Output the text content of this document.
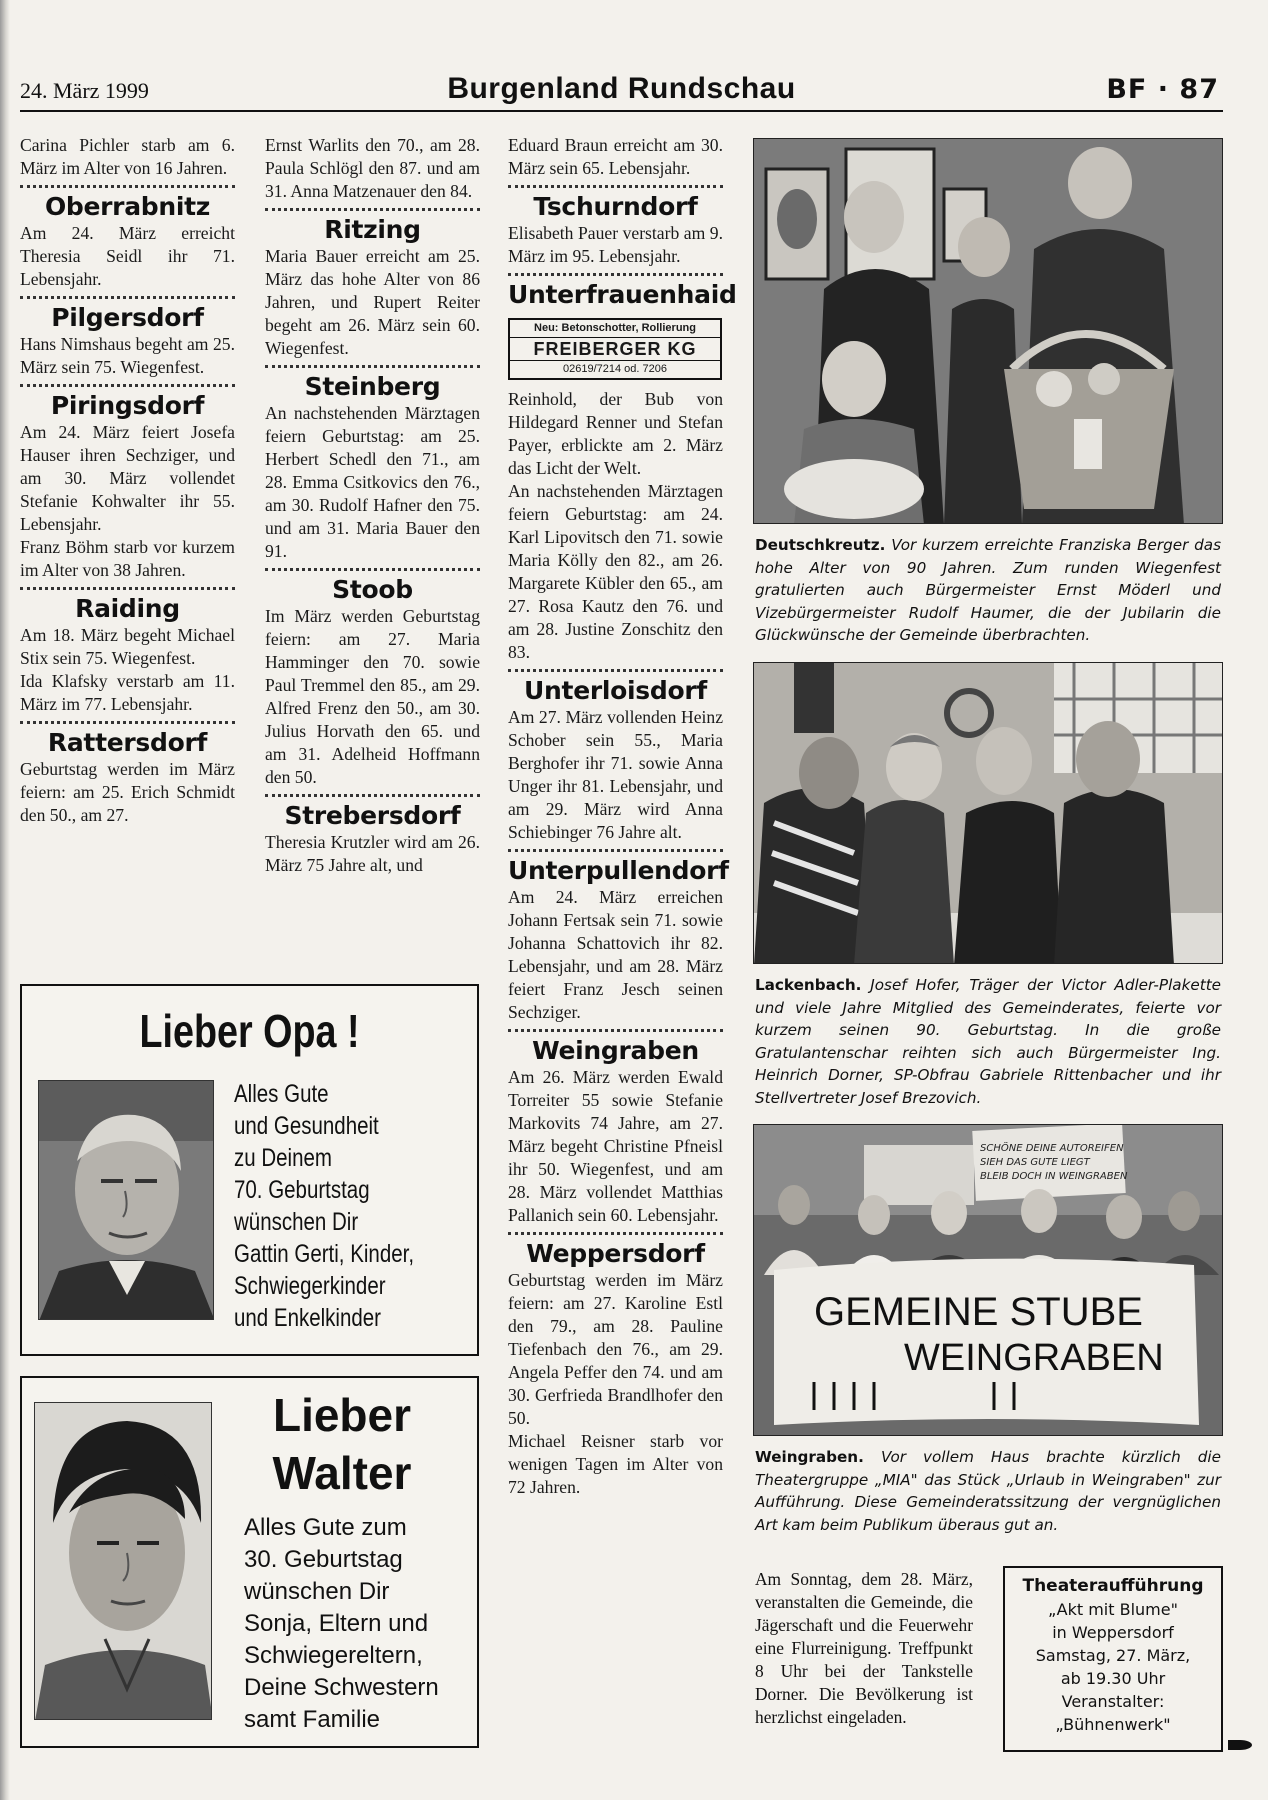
24. März 1999	Burgenland Rundschau	BF · 87

Carina Pichler starb am 6. März im Alter von 16 Jahren.

Oberrabnitz

Am 24. März erreicht Theresia Seidl ihr 71. Lebensjahr.

Pilgersdorf

Hans Nimshaus begeht am 25. März sein 75. Wiegenfest.

Piringsdorf

Am 24. März feiert Josefa Hauser ihren Sechziger, und am 30. März vollendet Stefanie Kohwalter ihr 55. Lebensjahr.

Franz Böhm starb vor kurzem im Alter von 38 Jahren.

Raiding

Am 18. März begeht Michael Stix sein 75. Wiegenfest.

Ida Klafsky verstarb am 11. März im 77. Lebensjahr.

Rattersdorf

Geburtstag werden im März feiern: am 25. Erich Schmidt den 50., am 27.

Ernst Warlits den 70., am 28. Paula Schlögl den 87. und am 31. Anna Matzenauer den 84.

Ritzing

Maria Bauer erreicht am 25. März das hohe Alter von 86 Jahren, und Rupert Reiter begeht am 26. März sein 60. Wiegenfest.

Steinberg

An nachstehenden Märztagen feiern Geburtstag: am 25. Herbert Schedl den 71., am 28. Emma Csitkovics den 76., am 30. Rudolf Hafner den 75. und am 31. Maria Bauer den 91.

Stoob

Im März werden Geburtstag feiern: am 27. Maria Hamminger den 70. sowie Paul Tremmel den 85., am 29. Alfred Frenz den 50., am 30. Julius Horvath den 65. und am 31. Adelheid Hoffmann den 50.

Strebersdorf

Theresia Krutzler wird am 26. März 75 Jahre alt, und

Eduard Braun erreicht am 30. März sein 65. Lebensjahr.

Tschurndorf

Elisabeth Pauer verstarb am 9. März im 95. Lebensjahr.

Unterfrauenhaid
Neu: Betonschotter, Rollierung
FREIBERGER KG
02619/7214 od. 7206

Reinhold, der Bub von Hildegard Renner und Stefan Payer, erblickte am 2. März das Licht der Welt.

An nachstehenden Märztagen feiern Geburtstag: am 24. Karl Lipovitsch den 71. sowie Maria Kölly den 82., am 26. Margarete Kübler den 65., am 27. Rosa Kautz den 76. und am 28. Justine Zonschitz den 83.

Unterloisdorf

Am 27. März vollenden Heinz Schober sein 55., Maria Berghofer ihr 71. sowie Anna Unger ihr 81. Lebensjahr, und am 29. März wird Anna Schiebinger 76 Jahre alt.

Unterpullendorf

Am 24. März erreichen Johann Fertsak sein 71. sowie Johanna Schattovich ihr 82. Lebensjahr, und am 28. März feiert Franz Jesch seinen Sechziger.

Weingraben

Am 26. März werden Ewald Torreiter 55 sowie Stefanie Markovits 74 Jahre, am 27. März begeht Christine Pfneisl ihr 50. Wiegenfest, und am 28. März vollendet Matthias Pallanich sein 60. Lebensjahr.

Weppersdorf

Geburtstag werden im März feiern: am 27. Karoline Estl den 79., am 28. Pauline Tiefenbach den 76., am 29. Angela Peffer den 74. und am 30. Gerfrieda Brandlhofer den 50.

Michael Reisner starb vor wenigen Tagen im Alter von 72 Jahren.

Lieber Opa !
Alles Gute
und Gesundheit
zu Deinem
70. Geburtstag
wünschen Dir
Gattin Gerti, Kinder,
Schwiegerkinder
und Enkelkinder
Lieber
Walter
Alles Gute zum
30. Geburtstag
wünschen Dir
Sonja, Eltern und
Schwiegereltern,
Deine Schwestern
samt Familie
Deutschkreutz. Vor kurzem erreichte Franziska Berger das hohe Alter von 90 Jahren. Zum runden Wiegenfest gratulierten auch Bürgermeister Ernst Möderl und Vizebürgermeister Rudolf Haumer, die der Jubilarin die Glückwünsche der Gemeinde überbrachten.
Lackenbach. Josef Hofer, Träger der Victor Adler-Plakette und viele Jahre Mitglied des Gemeinderates, feierte vor kurzem seinen 90. Geburtstag. In die große Gratulantenschar reihten sich auch Bürgermeister Ing. Heinrich Dorner, SP-Obfrau Gabriele Rittenbacher und ihr Stellvertreter Josef Brezovich.
SCHÖNE DEINE AUTOREIFEN SIEH DAS GUTE LIEGT BLEIB DOCH IN WEINGRABEN
GEMEINE STUBE
WEINGRABEN
Weingraben. Vor vollem Haus brachte kürzlich die Theatergruppe „MIA" das Stück „Urlaub in Weingraben" zur Aufführung. Diese Gemeinderatssitzung der vergnüglichen Art kam beim Publikum überaus gut an.
Am Sonntag, dem 28. März, veranstalten die Gemeinde, die Jägerschaft und die Feuerwehr eine Flurreinigung. Treffpunkt 8 Uhr bei der Tankstelle Dorner. Die Bevölkerung ist herzlichst eingeladen.
Theateraufführung
„Akt mit Blume"
in Weppersdorf
Samstag, 27. März,
ab 19.30 Uhr
Veranstalter:
„Bühnenwerk"
